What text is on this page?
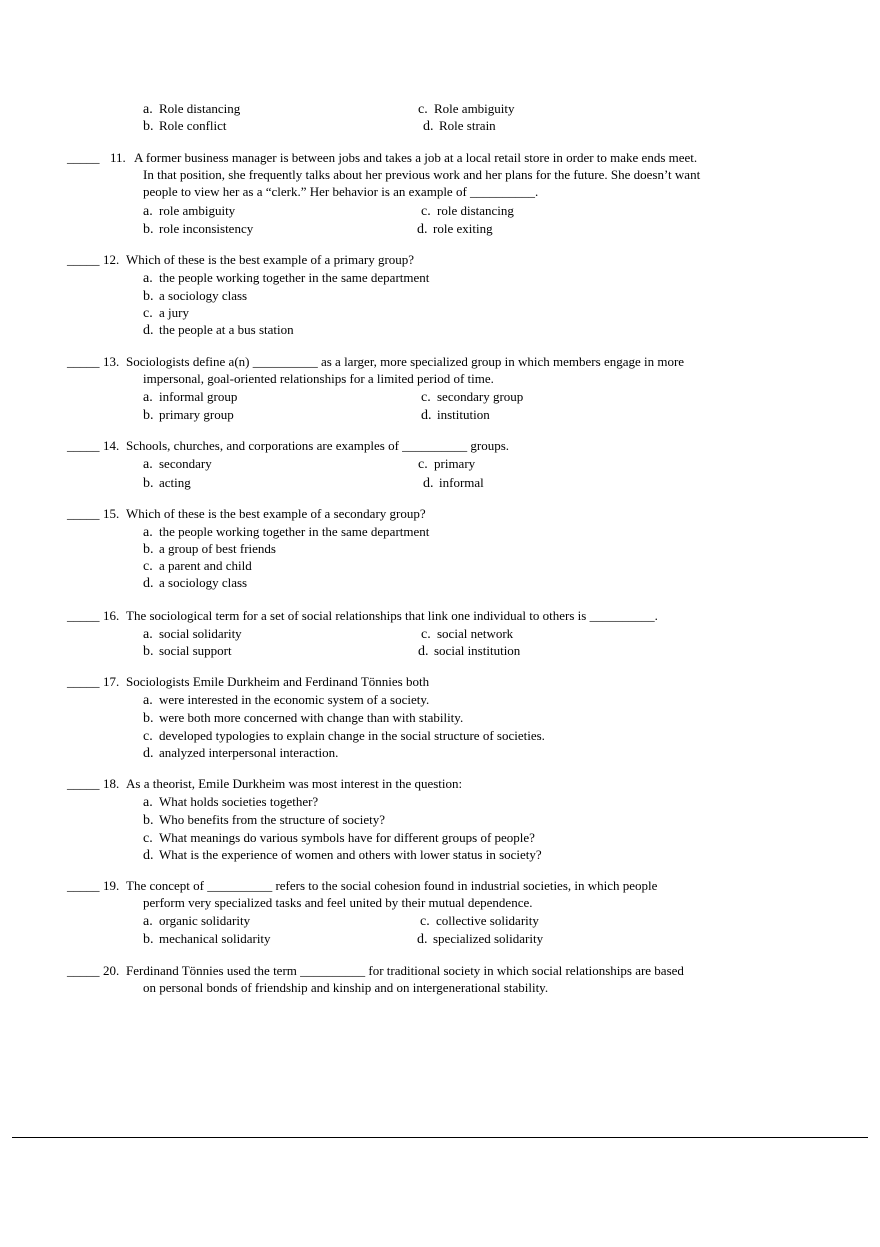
a. Role distancing
b. Role conflict
c. Role ambiguity
d. Role strain
_____ 11. A former business manager is between jobs and takes a job at a local retail store in order to make ends meet.
In that position, she frequently talks about her previous work and her plans for the future. She doesn’t want
people to view her as a “clerk.” Her behavior is an example of __________.
a. role ambiguity
b. role inconsistency
c. role distancing
d. role exiting
_____ 12. Which of these is the best example of a primary group?
a. the people working together in the same department
b. a sociology class
c. a jury
d. the people at a bus station
_____ 13. Sociologists define a(n) __________ as a larger, more specialized group in which members engage in more
impersonal, goal-oriented relationships for a limited period of time.
a. informal group
b. primary group
c. secondary group
d. institution
_____ 14. Schools, churches, and corporations are examples of __________ groups.
a. secondary
b. acting
c. primary
d. informal
_____ 15. Which of these is the best example of a secondary group?
a. the people working together in the same department
b. a group of best friends
c. a parent and child
d. a sociology class
_____ 16. The sociological term for a set of social relationships that link one individual to others is __________.
a. social solidarity
b. social support
c. social network
d. social institution
_____ 17. Sociologists Emile Durkheim and Ferdinand Tönnies both
a. were interested in the economic system of a society.
b. were both more concerned with change than with stability.
c. developed typologies to explain change in the social structure of societies.
d. analyzed interpersonal interaction.
_____ 18. As a theorist, Emile Durkheim was most interest in the question:
a. What holds societies together?
b. Who benefits from the structure of society?
c. What meanings do various symbols have for different groups of people?
d. What is the experience of women and others with lower status in society?
_____ 19. The concept of __________ refers to the social cohesion found in industrial societies, in which people
perform very specialized tasks and feel united by their mutual dependence.
a. organic solidarity
b. mechanical solidarity
c. collective solidarity
d. specialized solidarity
_____ 20. Ferdinand Tönnies used the term __________ for traditional society in which social relationships are based
on personal bonds of friendship and kinship and on intergenerational stability.
